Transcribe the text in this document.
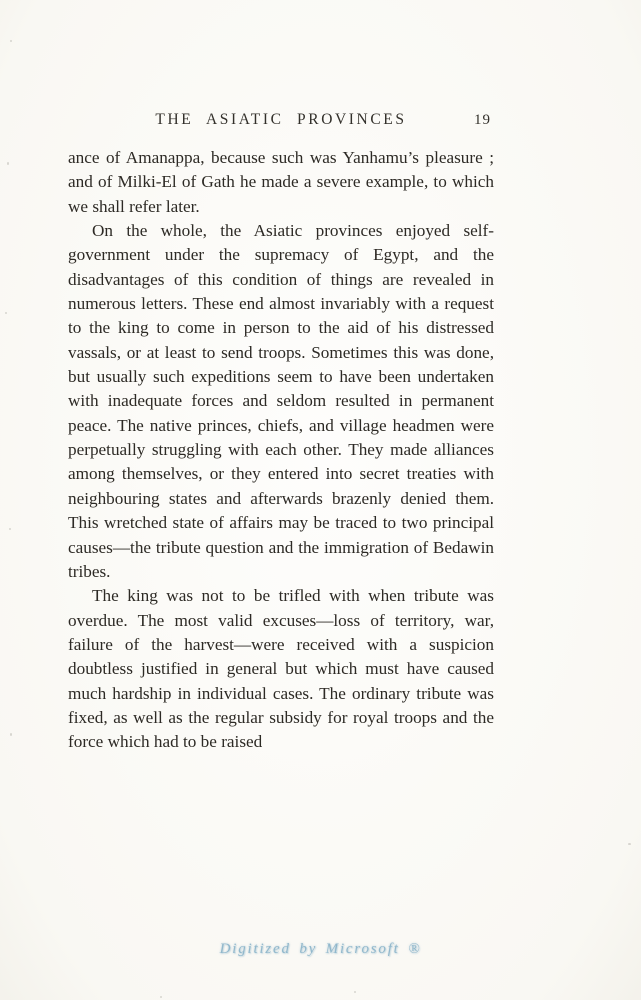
THE ASIATIC PROVINCES	19

ance of Amanappa, because such was Yanhamu’s pleasure ; and of Milki-El of Gath he made a severe example, to which we shall refer later.

On the whole, the Asiatic provinces enjoyed self-government under the supremacy of Egypt, and the disadvantages of this condition of things are revealed in numerous letters. These end almost invariably with a request to the king to come in person to the aid of his distressed vassals, or at least to send troops. Sometimes this was done, but usually such expeditions seem to have been undertaken with inadequate forces and seldom resulted in permanent peace. The native princes, chiefs, and village headmen were perpetually struggling with each other. They made alliances among themselves, or they entered into secret treaties with neighbouring states and afterwards brazenly denied them. This wretched state of affairs may be traced to two principal causes—the tribute question and the immigration of Bedawin tribes.

The king was not to be trifled with when tribute was overdue. The most valid excuses—loss of territory, war, failure of the harvest—were received with a suspicion doubtless justified in general but which must have caused much hardship in individual cases. The ordinary tribute was fixed, as well as the regular subsidy for royal troops and the force which had to be raised

Digitized by Microsoft ®
